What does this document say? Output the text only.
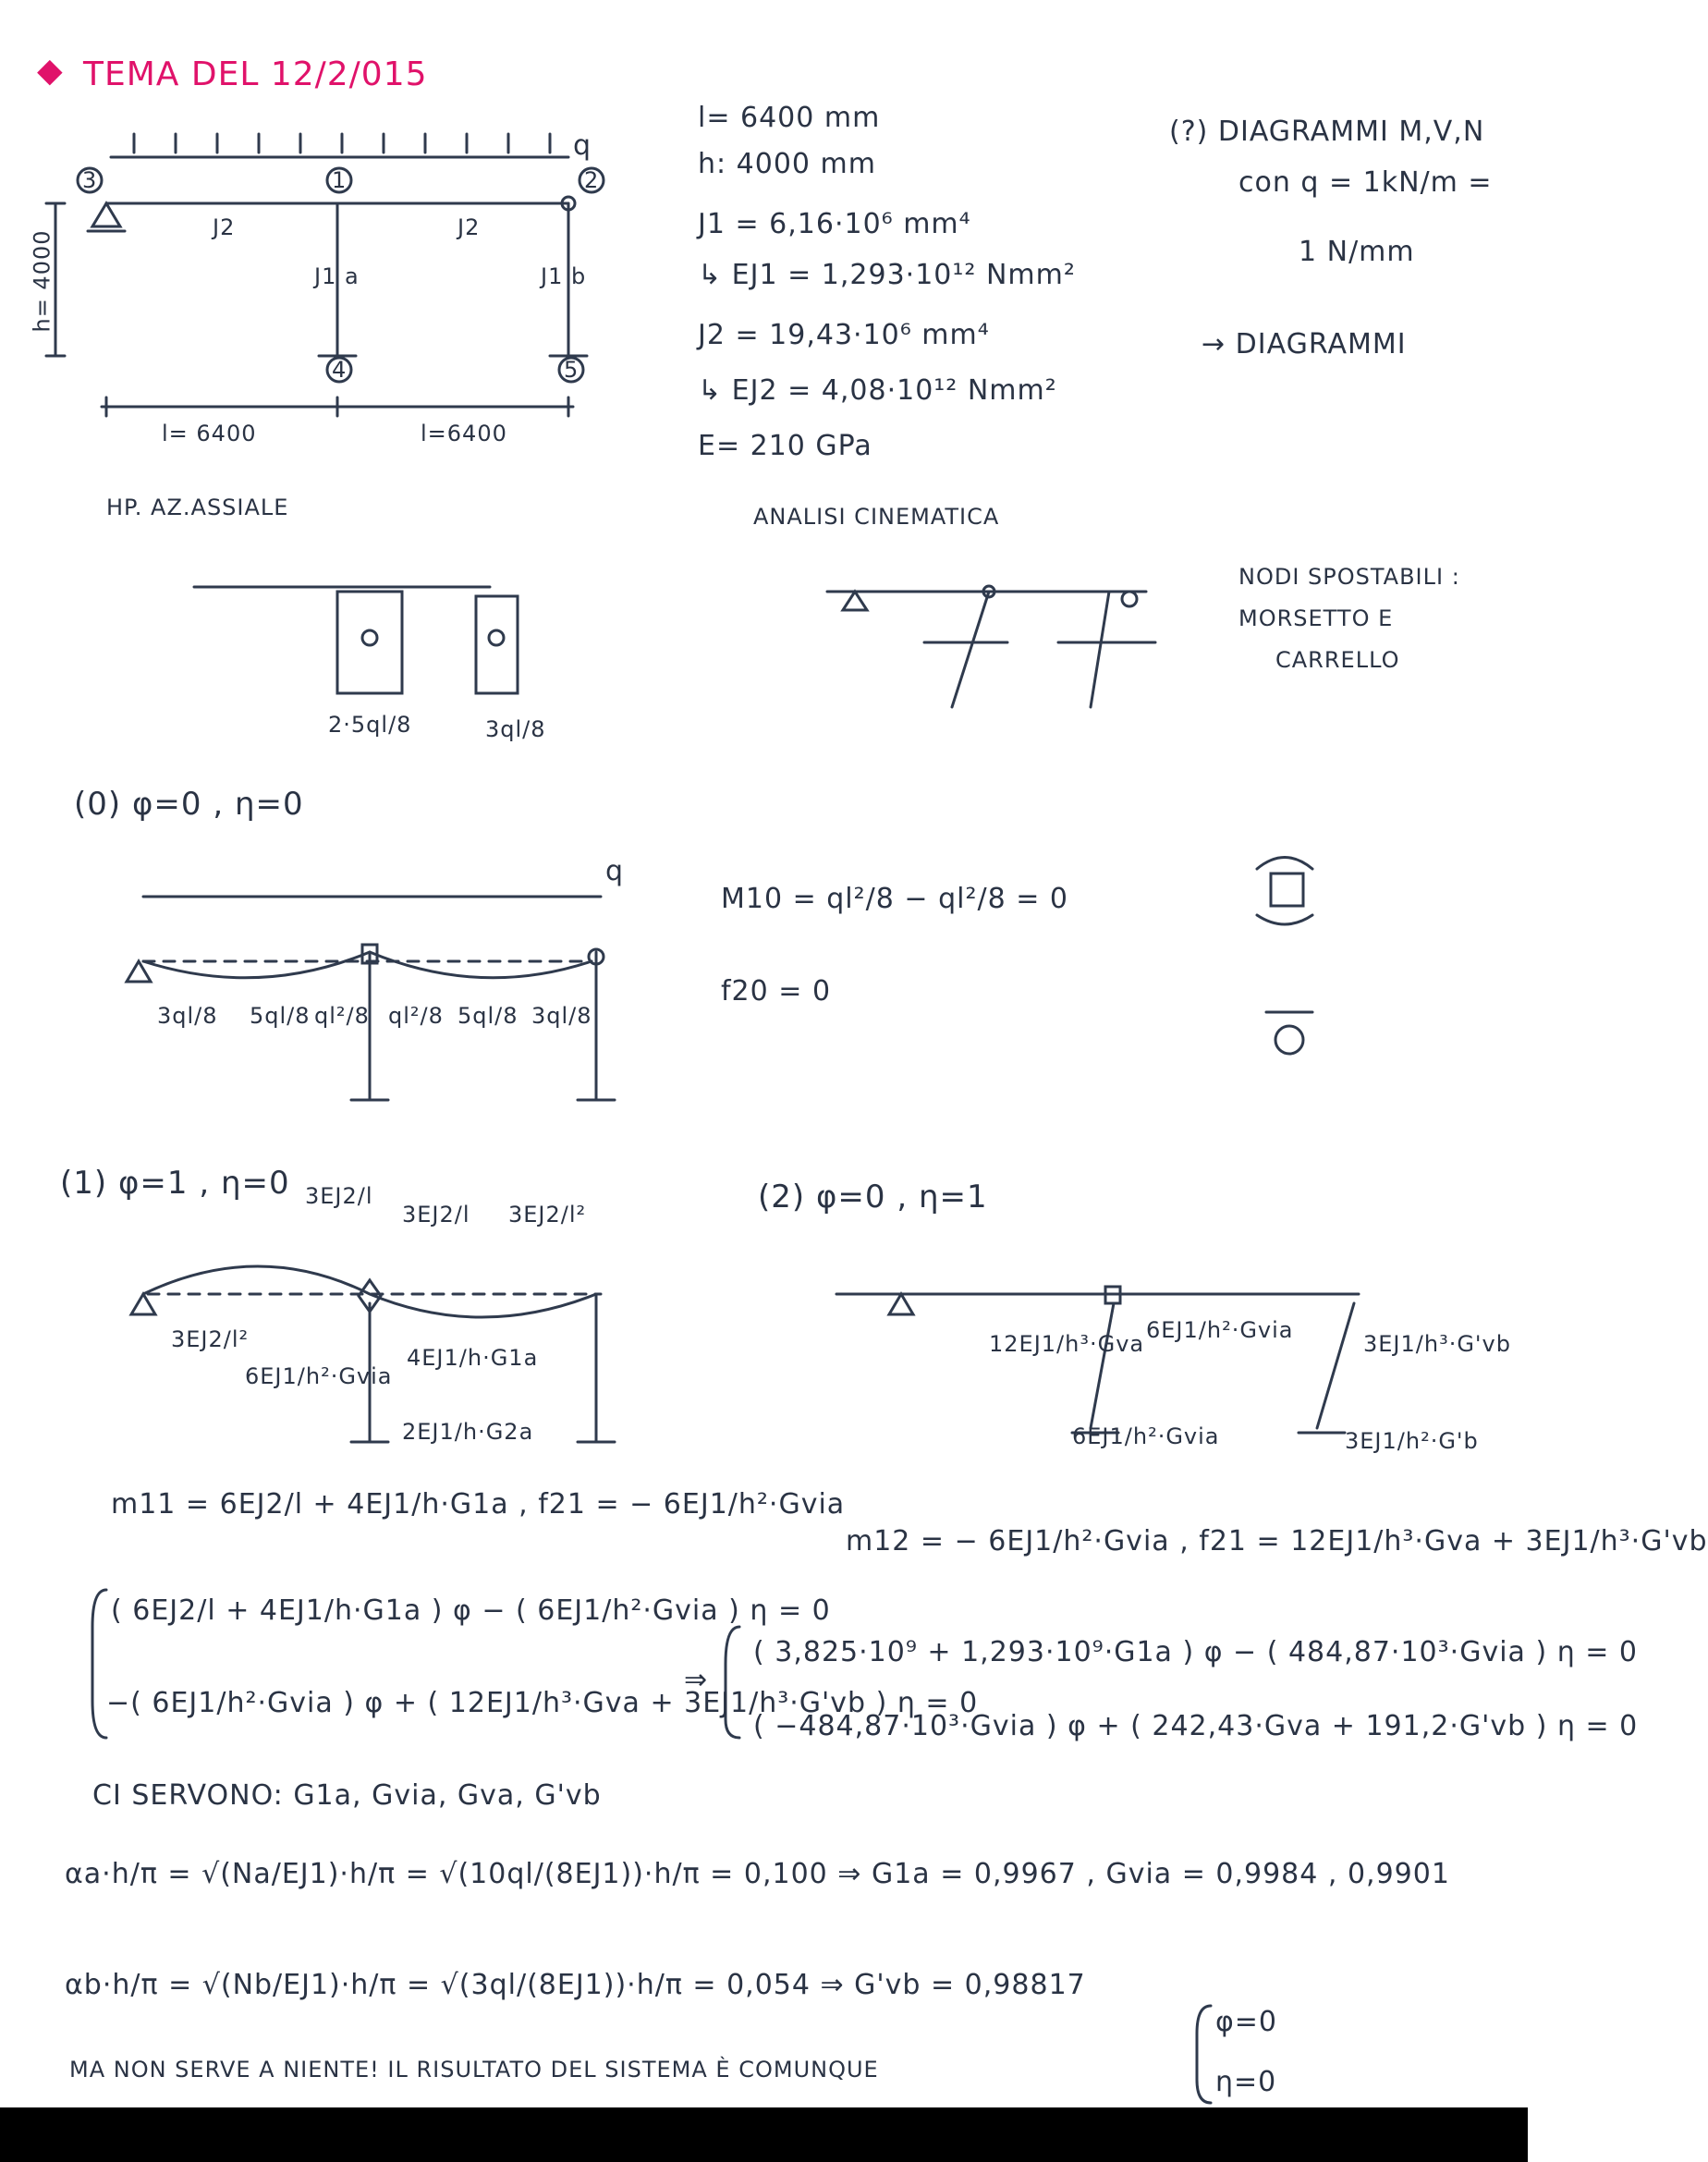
◆ TEMA DEL 12/2/015
q
3	1	2
4	5
J2	J2
J1 a	J1 b
h= 4000
l= 6400	l=6400
l= 6400 mm
h: 4000 mm
J1 = 6,16·10⁶ mm⁴
↳ EJ1 = 1,293·10¹² Nmm²
J2 = 19,43·10⁶ mm⁴
↳ EJ2 = 4,08·10¹² Nmm²
E= 210 GPa
(?) DIAGRAMMI M,V,N
con q = 1kN/m =
1 N/mm
→ DIAGRAMMI
HP. AZ.ASSIALE
2·5ql/8	3ql/8
ANALISI CINEMATICA
NODI SPOSTABILI :
MORSETTO E
CARRELLO
(0) φ=0 , η=0
q
3ql/8 5ql/8 ql²/8 ql²/8 5ql/8 3ql/8
M10 = ql²/8 − ql²/8 = 0
f20 = 0
(1) φ=1 , η=0 3EJ2/l
3EJ2/l 3EJ2/l²
3EJ2/l²
6EJ1/h²·Gvia
4EJ1/h·G1a
2EJ1/h·G2a
m11 = 6EJ2/l + 4EJ1/h·G1a , f21 = − 6EJ1/h²·Gvia
(2) φ=0 , η=1
12EJ1/h³·Gva
6EJ1/h²·Gvia
3EJ1/h³·G'vb
6EJ1/h²·Gvia	3EJ1/h²·G'b
m12 = − 6EJ1/h²·Gvia , f21 = 12EJ1/h³·Gva + 3EJ1/h³·G'vb
( 6EJ2/l + 4EJ1/h·G1a ) φ − ( 6EJ1/h²·Gvia ) η = 0
−( 6EJ1/h²·Gvia ) φ + ( 12EJ1/h³·Gva + 3EJ1/h³·G'vb ) η = 0
⇒
( 3,825·10⁹ + 1,293·10⁹·G1a ) φ − ( 484,87·10³·Gvia ) η = 0
( −484,87·10³·Gvia ) φ + ( 242,43·Gva + 191,2·G'vb ) η = 0
CI SERVONO: G1a, Gvia, Gva, G'vb
αa·h/π = √(Na/EJ1)·h/π = √(10ql/(8EJ1))·h/π = 0,100 ⇒ G1a = 0,9967 , Gvia = 0,9984 , 0,9901
αb·h/π = √(Nb/EJ1)·h/π = √(3ql/(8EJ1))·h/π = 0,054 ⇒ G'vb = 0,98817
MA NON SERVE A NIENTE! IL RISULTATO DEL SISTEMA È COMUNQUE
φ=0
η=0
